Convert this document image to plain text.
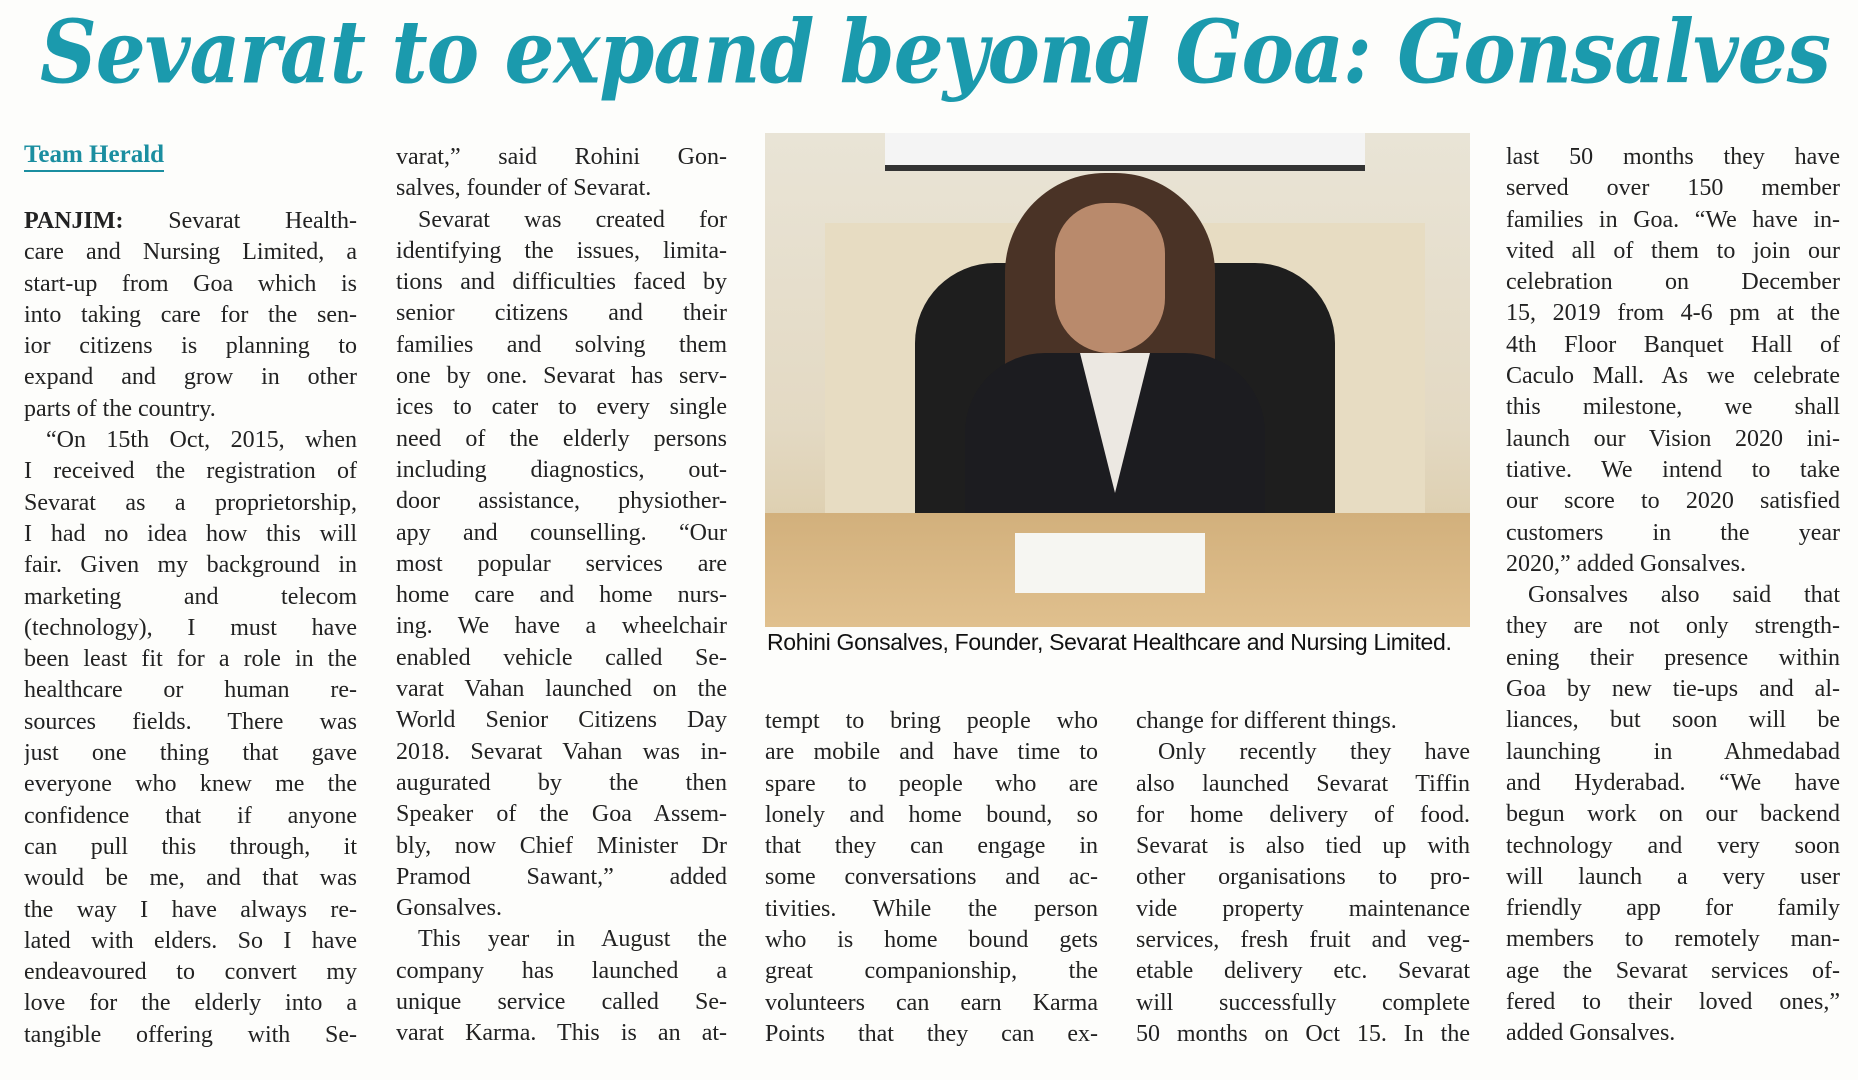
Sevarat to expand beyond Goa: Gonsalves
Team Herald
PANJIM: Sevarat Health-
care and Nursing Limited, a
start-up from Goa which is
into taking care for the sen-
ior citizens is planning to
expand and grow in other
parts of the country.
“On 15th Oct, 2015, when
I received the registration of
Sevarat as a proprietorship,
I had no idea how this will
fair. Given my background in
marketing and telecom
(technology), I must have
been least fit for a role in the
healthcare or human re-
sources fields. There was
just one thing that gave
everyone who knew me the
confidence that if anyone
can pull this through, it
would be me, and that was
the way I have always re-
lated with elders. So I have
endeavoured to convert my
love for the elderly into a
tangible offering with Se-
varat,” said Rohini Gon-
salves, founder of Sevarat.
Sevarat was created for
identifying the issues, limita-
tions and difficulties faced by
senior citizens and their
families and solving them
one by one. Sevarat has serv-
ices to cater to every single
need of the elderly persons
including diagnostics, out-
door assistance, physiother-
apy and counselling. “Our
most popular services are
home care and home nurs-
ing. We have a wheelchair
enabled vehicle called Se-
varat Vahan launched on the
World Senior Citizens Day
2018. Sevarat Vahan was in-
augurated by the then
Speaker of the Goa Assem-
bly, now Chief Minister Dr
Pramod Sawant,” added
Gonsalves.
This year in August the
company has launched a
unique service called Se-
varat Karma. This is an at-
tempt to bring people who
are mobile and have time to
spare to people who are
lonely and home bound, so
that they can engage in
some conversations and ac-
tivities. While the person
who is home bound gets
great companionship, the
volunteers can earn Karma
Points that they can ex-
change for different things.
Only recently they have
also launched Sevarat Tiffin
for home delivery of food.
Sevarat is also tied up with
other organisations to pro-
vide property maintenance
services, fresh fruit and veg-
etable delivery etc. Sevarat
will successfully complete
50 months on Oct 15. In the
last 50 months they have
served over 150 member
families in Goa. “We have in-
vited all of them to join our
celebration on December
15, 2019 from 4-6 pm at the
4th Floor Banquet Hall of
Caculo Mall. As we celebrate
this milestone, we shall
launch our Vision 2020 ini-
tiative. We intend to take
our score to 2020 satisfied
customers in the year
2020,” added Gonsalves.
Gonsalves also said that
they are not only strength-
ening their presence within
Goa by new tie-ups and al-
liances, but soon will be
launching in Ahmedabad
and Hyderabad. “We have
begun work on our backend
technology and very soon
will launch a very user
friendly app for family
members to remotely man-
age the Sevarat services of-
fered to their loved ones,”
added Gonsalves.
Rohini Gonsalves, Founder, Sevarat Healthcare and Nursing Limited.
